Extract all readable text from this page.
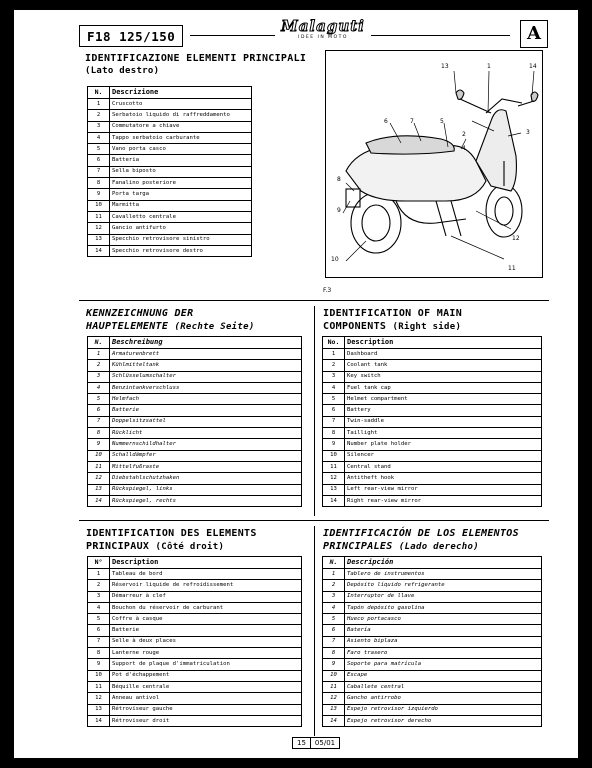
F18 125/150
Malaguti
IDEE IN MOTO	A
IDENTIFICAZIONE ELEMENTI PRINCIPALI
(Lato destro)
N.	Descrizione
1	Cruscotto
2	Serbatoio liquido di raffreddamento
3	Commutatore a chiave
4	Tappo serbatoio carburante
5	Vano porta casco
6	Batteria
7	Sella biposto
8	Fanalino posteriore
9	Porta targa
10	Marmitta
11	Cavalletto centrale
12	Gancio antifurto
13	Specchio retrovisore sinistro
14	Specchio retrovisore destro
13	1	14
2	3
6	7	5
4
8
9
12
10
11
F.3
KENNZEICHNUNG DER
HAUPTELEMENTE (Rechte Seite)
N.	Beschreibung
1	Armaturenbrett
2	Kühlmitteltank
3	Schlüsselumschalter
4	Benzintankverschluss
5	Helmfach
6	Batterie
7	Doppelsitzsattel
8	Rücklicht
9	Nummernschildhalter
10	Schalldämpfer
11	Mittelfußraste
12	Diebstahlschutzhaken
13	Rückspiegel, links
14	Rückspiegel, rechts
IDENTIFICATION OF MAIN
COMPONENTS (Right side)
No.	Description
1	Dashboard
2	Coolant tank
3	Key switch
4	Fuel tank cap
5	Helmet compartment
6	Battery
7	Twin-saddle
8	Taillight
9	Number plate holder
10	Silencer
11	Central stand
12	Antitheft hook
13	Left rear-view mirror
14	Right rear-view mirror
IDENTIFICATION DES ELEMENTS
PRINCIPAUX (Côté droit)
N°	Description
1	Tableau de bord
2	Réservoir liquide de refroidissement
3	Démarreur à clef
4	Bouchon du réservoir de carburant
5	Coffre à casque
6	Batterie
7	Selle à deux places
8	Lanterne rouge
9	Support de plaque d'immatriculation
10	Pot d'échappement
11	Béquille centrale
12	Anneau antivol
13	Rétroviseur gauche
14	Rétroviseur droit
IDENTIFICACIÓN DE LOS ELEMENTOS
PRINCIPALES (Lado derecho)
N.	Descripción
1	Tablero de instrumentos
2	Depósito líquido refrigerante
3	Interruptor de llave
4	Tapón depósito gasolina
5	Hueco portacasco
6	Batería
7	Asiento biplaza
8	Faro trasero
9	Soporte para matrícula
10	Escape
11	Caballete central
12	Gancho antirrobo
13	Espejo retrovisor izquierdo
14	Espejo retrovisor derecho
15	05/01
